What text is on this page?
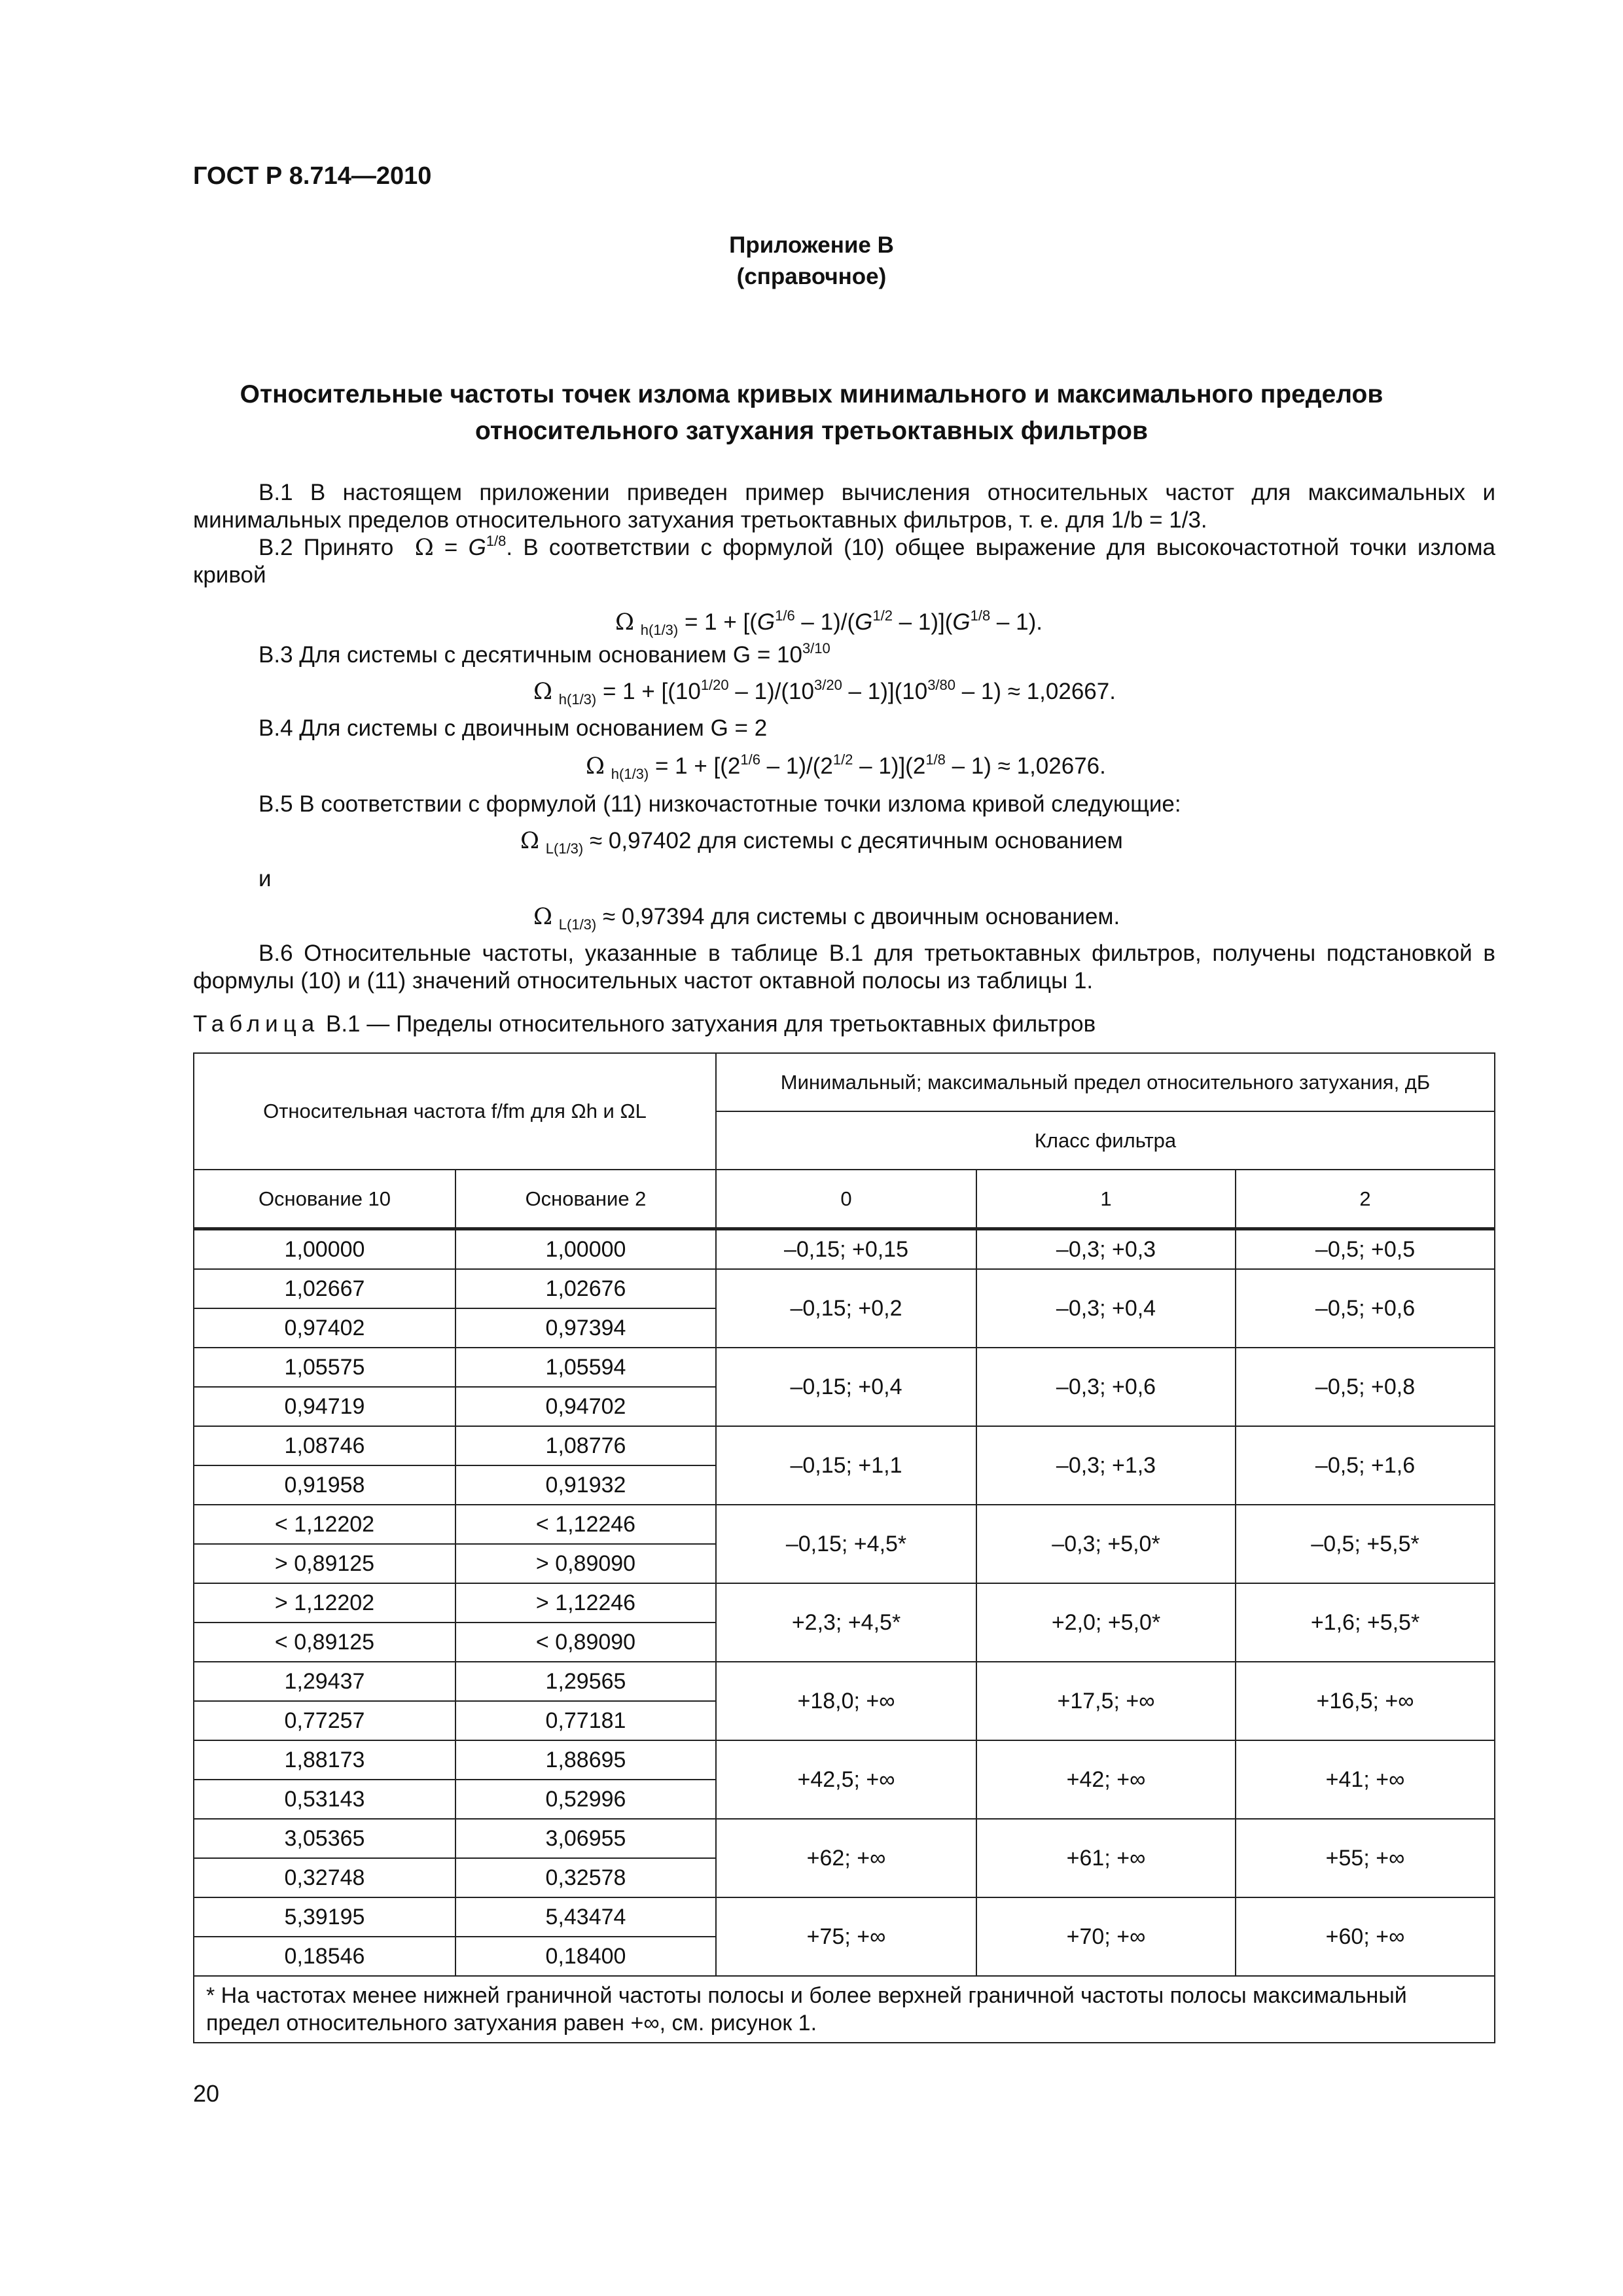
ГОСТ Р 8.714—2010
Приложение В
(справочное)
Относительные частоты точек излома кривых минимального и максимального пределов
относительного затухания третьоктавных фильтров
В.1 В настоящем приложении приведен пример вычисления относительных частот для максимальных и минимальных пределов относительного затухания третьоктавных фильтров, т. е. для 1/b = 1/3.
В.2 Принято $\Omega = G^{1/8}$. В соответствии с формулой (10) общее выражение для высокочастотной точки излома кривой
Ω $_{h(1/3)} = 1 + [(G^{1/6} - 1)/(G^{1/2} - 1)](G^{1/8} - 1)$.
В.3 Для системы с десятичным основанием $G = 10^{3/10}$
Ω $_{h(1/3)} = 1 + [(10^{1/20} - 1)/(10^{3/20} - 1)](10^{3/80} - 1) \approx 1,02667$.
В.4 Для системы с двоичным основанием G = 2
Ω $_{h(1/3)} = 1 + [(2^{1/6} - 1)/(2^{1/2} - 1)](2^{1/8} - 1) \approx 1,02676$.
В.5 В соответствии с формулой (11) низкочастотные точки излома кривой следующие:
Ω $_{L(1/3)}$ ≈ 0,97402 для системы с десятичным основанием
и
Ω $_{L(1/3)}$ ≈ 0,97394 для системы с двоичным основанием.
В.6 Относительные частоты, указанные в таблице В.1 для третьоктавных фильтров, получены подстановкой в формулы (10) и (11) значений относительных частот октавной полосы из таблицы 1.
Таблица В.1 — Пределы относительного затухания для третьоктавных фильтров
Относительная частота f/fm для Ωh и ΩL		Минимальный; максимальный предел относительного затухания, дБ		
		Класс фильтра		
Основание 10	Основание 2	0	1	2
1,00000	1,00000	–0,15; +0,15	–0,3; +0,3	–0,5; +0,5
1,02667	1,02676	–0,15; +0,2	–0,3; +0,4	–0,5; +0,6
0,97402	0,97394			
1,05575	1,05594	–0,15; +0,4	–0,3; +0,6	–0,5; +0,8
0,94719	0,94702			
1,08746	1,08776	–0,15; +1,1	–0,3; +1,3	–0,5; +1,6
0,91958	0,91932			
< 1,12202	< 1,12246	–0,15; +4,5*	–0,3; +5,0*	–0,5; +5,5*
> 0,89125	> 0,89090			
> 1,12202	> 1,12246	+2,3; +4,5*	+2,0; +5,0*	+1,6; +5,5*
< 0,89125	< 0,89090			
1,29437	1,29565	+18,0; +∞	+17,5; +∞	+16,5; +∞
0,77257	0,77181			
1,88173	1,88695	+42,5; +∞	+42; +∞	+41; +∞
0,53143	0,52996			
3,05365	3,06955	+62; +∞	+61; +∞	+55; +∞
0,32748	0,32578			
5,39195	5,43474	+75; +∞	+70; +∞	+60; +∞
0,18546	0,18400			
* На частотах менее нижней граничной частоты полосы и более верхней граничной частоты полосы максимальный предел относительного затухания равен +∞, см. рисунок 1.				
20
